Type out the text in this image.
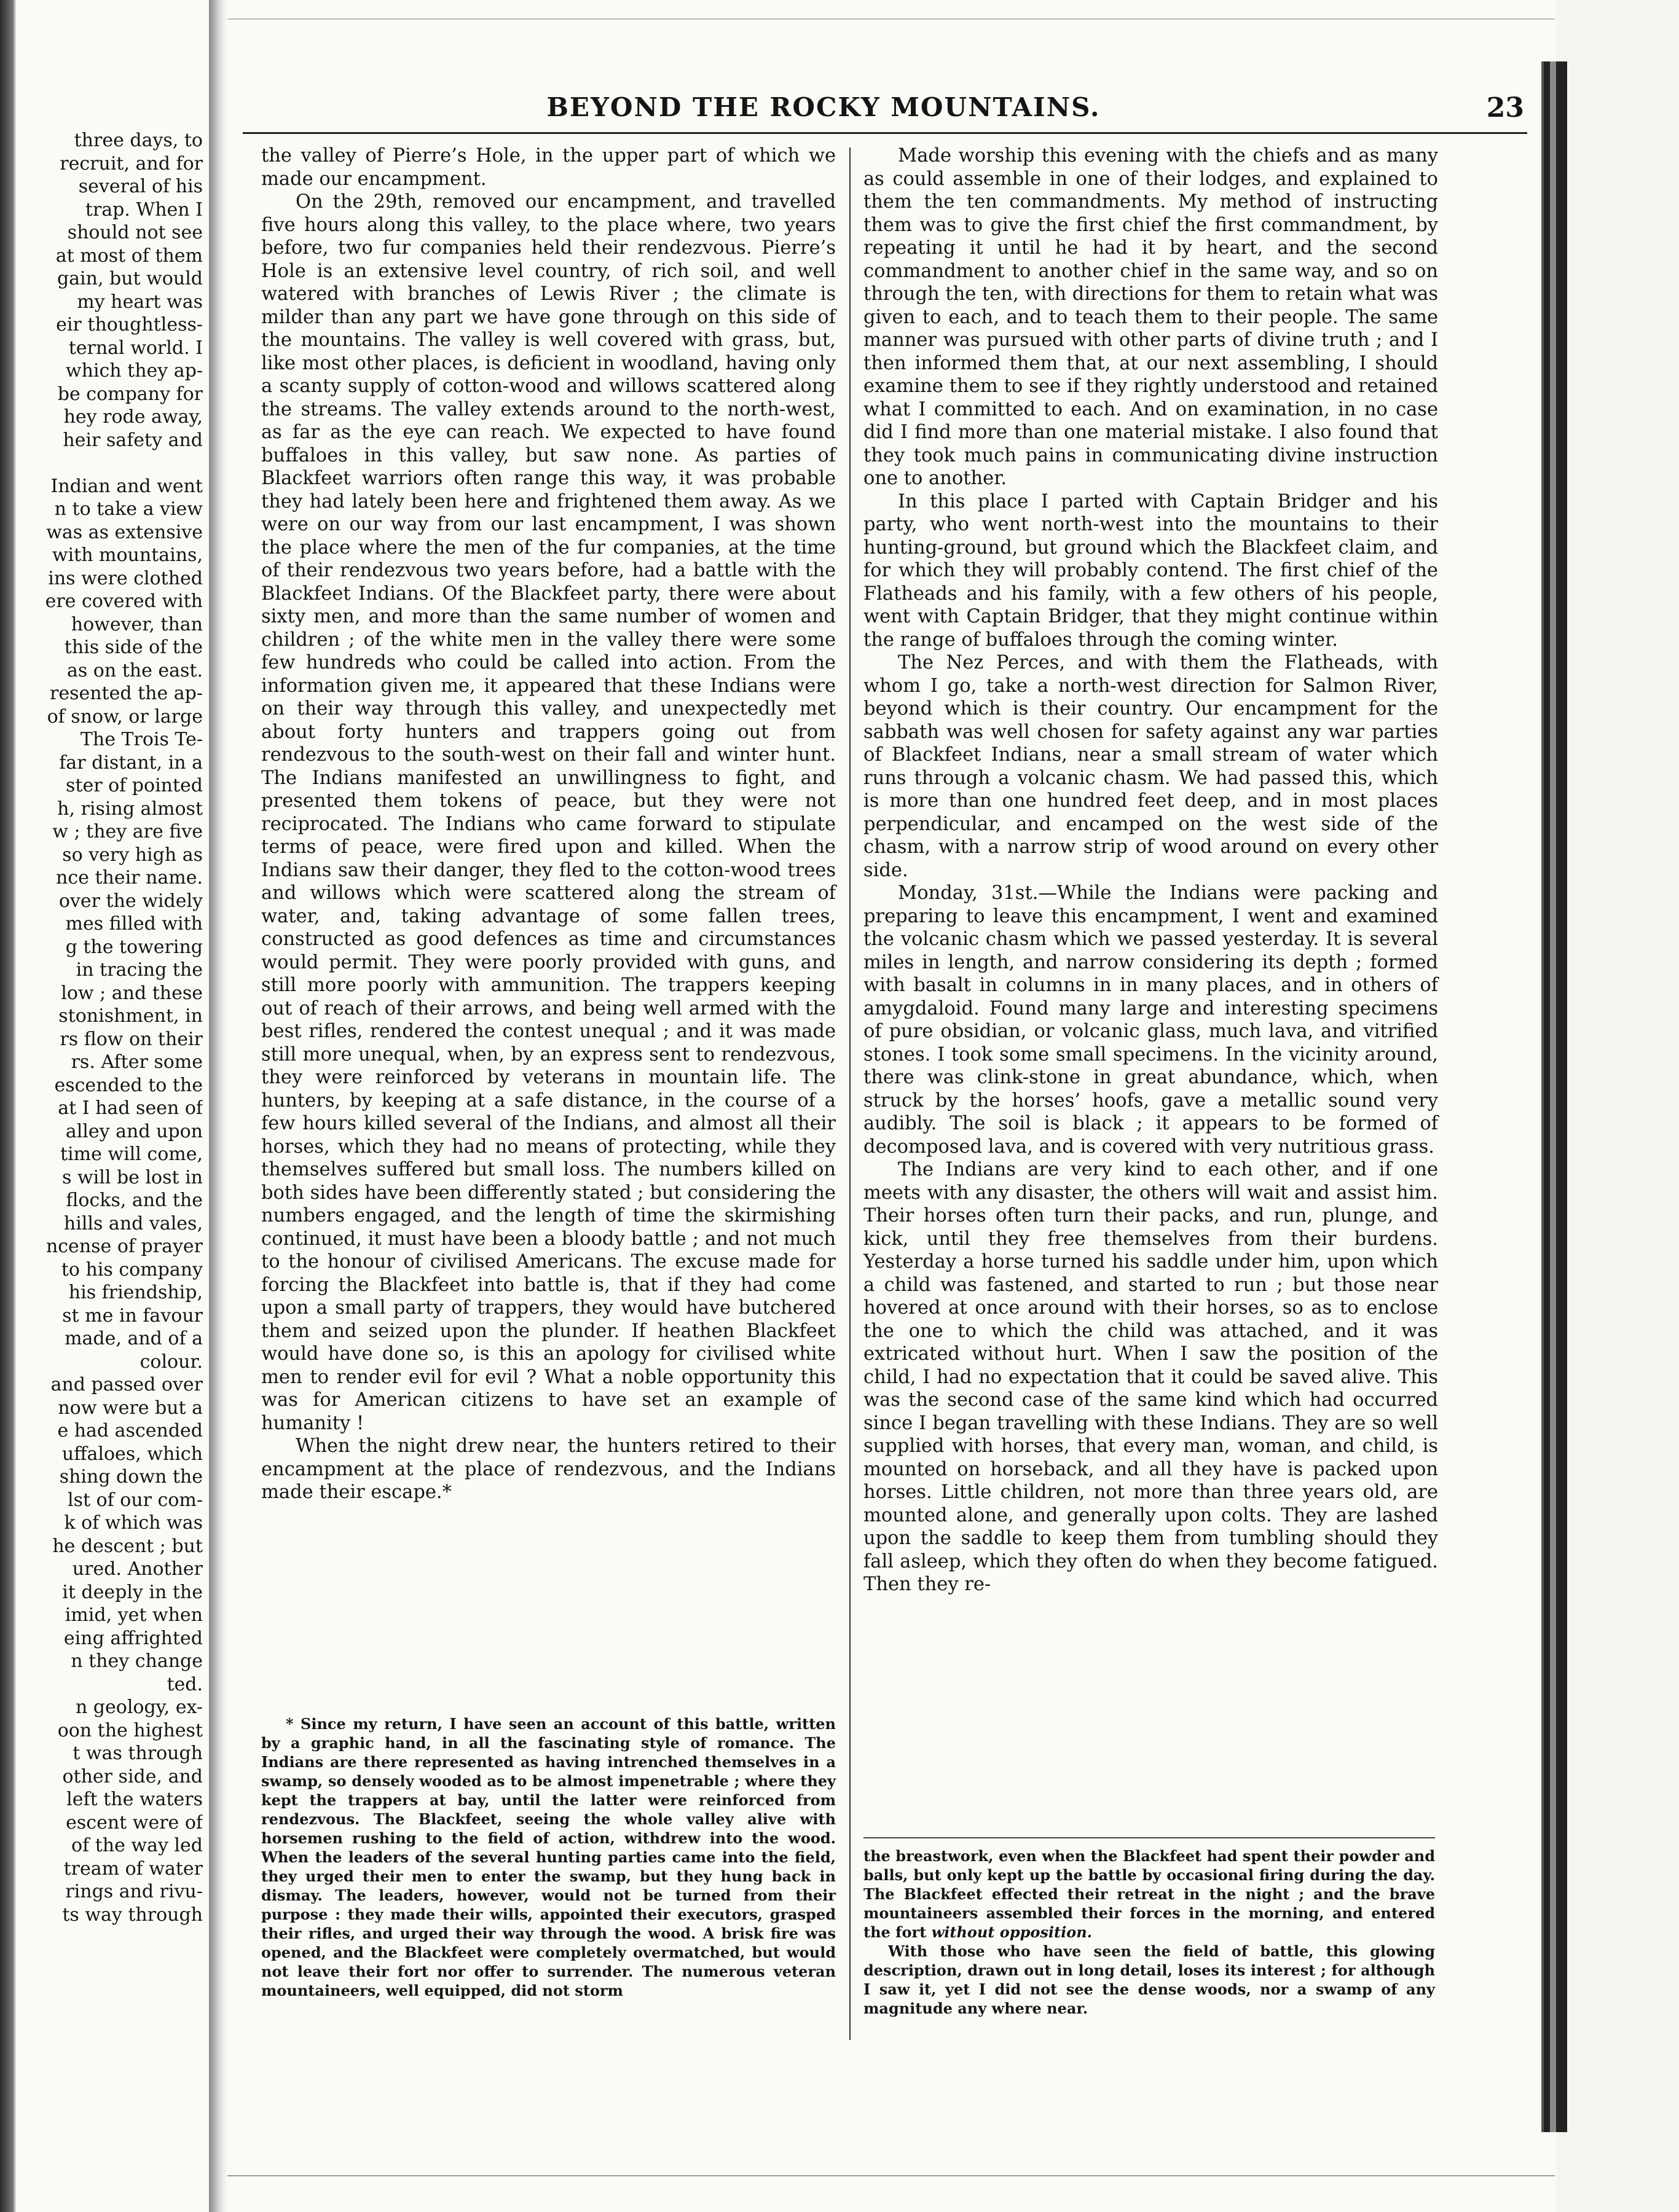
three days, to
recruit, and for
several of his
trap. When I
should not see
at most of them
gain, but would
my heart was
eir thoughtless-
ternal world. I
which they ap-
be company for
hey rode away,
heir safety and

Indian and went
n to take a view
was as extensive
with mountains,
ins were clothed
ere covered with
however, than
this side of the
as on the east.
resented the ap-
of snow, or large
The Trois Te-
far distant, in a
ster of pointed
h, rising almost
w ; they are five
so very high as
nce their name.
over the widely
mes filled with
g the towering
in tracing the
low ; and these
stonishment, in
rs flow on their
rs. After some
escended to the
at I had seen of
alley and upon
time will come,
s will be lost in
flocks, and the
hills and vales,
ncense of prayer
to his company
his friendship,
st me in favour
made, and of a
colour.
and passed over
now were but a
e had ascended
uffaloes, which
shing down the
lst of our com-
k of which was
he descent ; but
ured. Another
it deeply in the
imid, yet when
eing affrighted
n they change
ted.
n geology, ex-
oon the highest
t was through
other side, and
left the waters
escent were of
of the way led
tream of water
rings and rivu-
ts way through
BEYOND THE ROCKY MOUNTAINS.	23

the valley of Pierre’s Hole, in the upper part of which we made our encampment.

On the 29th, removed our encampment, and travelled five hours along this valley, to the place where, two years before, two fur companies held their rendezvous. Pierre’s Hole is an extensive level country, of rich soil, and well watered with branches of Lewis River ; the climate is milder than any part we have gone through on this side of the mountains. The valley is well covered with grass, but, like most other places, is deficient in woodland, having only a scanty supply of cotton-wood and willows scattered along the streams. The valley extends around to the north-west, as far as the eye can reach. We expected to have found buffaloes in this valley, but saw none. As parties of Blackfeet warriors often range this way, it was probable they had lately been here and frightened them away. As we were on our way from our last encampment, I was shown the place where the men of the fur companies, at the time of their rendezvous two years before, had a battle with the Blackfeet Indians. Of the Blackfeet party, there were about sixty men, and more than the same number of women and children ; of the white men in the valley there were some few hundreds who could be called into action. From the information given me, it appeared that these Indians were on their way through this valley, and unexpectedly met about forty hunters and trappers going out from rendezvous to the south-west on their fall and winter hunt. The Indians manifested an unwillingness to fight, and presented them tokens of peace, but they were not reciprocated. The Indians who came forward to stipulate terms of peace, were fired upon and killed. When the Indians saw their danger, they fled to the cotton-wood trees and willows which were scattered along the stream of water, and, taking advantage of some fallen trees, constructed as good defences as time and circumstances would permit. They were poorly provided with guns, and still more poorly with ammunition. The trappers keeping out of reach of their arrows, and being well armed with the best rifles, rendered the contest unequal ; and it was made still more unequal, when, by an express sent to rendezvous, they were reinforced by veterans in mountain life. The hunters, by keeping at a safe distance, in the course of a few hours killed several of the Indians, and almost all their horses, which they had no means of protecting, while they themselves suffered but small loss. The numbers killed on both sides have been differently stated ; but considering the numbers engaged, and the length of time the skirmishing continued, it must have been a bloody battle ; and not much to the honour of civilised Americans. The excuse made for forcing the Blackfeet into battle is, that if they had come upon a small party of trappers, they would have butchered them and seized upon the plunder. If heathen Blackfeet would have done so, is this an apology for civilised white men to render evil for evil ? What a noble opportunity this was for American citizens to have set an example of humanity !

When the night drew near, the hunters retired to their encampment at the place of rendezvous, and the Indians made their escape.*

Made worship this evening with the chiefs and as many as could assemble in one of their lodges, and explained to them the ten commandments. My method of instructing them was to give the first chief the first commandment, by repeating it until he had it by heart, and the second commandment to another chief in the same way, and so on through the ten, with directions for them to retain what was given to each, and to teach them to their people. The same manner was pursued with other parts of divine truth ; and I then informed them that, at our next assembling, I should examine them to see if they rightly understood and retained what I committed to each. And on examination, in no case did I find more than one material mistake. I also found that they took much pains in communicating divine instruction one to another.

In this place I parted with Captain Bridger and his party, who went north-west into the mountains to their hunting-ground, but ground which the Blackfeet claim, and for which they will probably contend. The first chief of the Flatheads and his family, with a few others of his people, went with Captain Bridger, that they might continue within the range of buffaloes through the coming winter.

The Nez Perces, and with them the Flatheads, with whom I go, take a north-west direction for Salmon River, beyond which is their country. Our encampment for the sabbath was well chosen for safety against any war parties of Blackfeet Indians, near a small stream of water which runs through a volcanic chasm. We had passed this, which is more than one hundred feet deep, and in most places perpendicular, and encamped on the west side of the chasm, with a narrow strip of wood around on every other side.

Monday, 31st.—While the Indians were packing and preparing to leave this encampment, I went and examined the volcanic chasm which we passed yesterday. It is several miles in length, and narrow considering its depth ; formed with basalt in columns in in many places, and in others of amygdaloid. Found many large and interesting specimens of pure obsidian, or volcanic glass, much lava, and vitrified stones. I took some small specimens. In the vicinity around, there was clink-stone in great abundance, which, when struck by the horses’ hoofs, gave a metallic sound very audibly. The soil is black ; it appears to be formed of decomposed lava, and is covered with very nutritious grass.

The Indians are very kind to each other, and if one meets with any disaster, the others will wait and assist him. Their horses often turn their packs, and run, plunge, and kick, until they free themselves from their burdens. Yesterday a horse turned his saddle under him, upon which a child was fastened, and started to run ; but those near hovered at once around with their horses, so as to enclose the one to which the child was attached, and it was extricated without hurt. When I saw the position of the child, I had no expectation that it could be saved alive. This was the second case of the same kind which had occurred since I began travelling with these Indians. They are so well supplied with horses, that every man, woman, and child, is mounted on horseback, and all they have is packed upon horses. Little children, not more than three years old, are mounted alone, and generally upon colts. They are lashed upon the saddle to keep them from tumbling should they fall asleep, which they often do when they become fatigued. Then they re-

* Since my return, I have seen an account of this battle, written by a graphic hand, in all the fascinating style of romance. The Indians are there represented as having intrenched themselves in a swamp, so densely wooded as to be almost impenetrable ; where they kept the trappers at bay, until the latter were reinforced from rendezvous. The Blackfeet, seeing the whole valley alive with horsemen rushing to the field of action, withdrew into the wood. When the leaders of the several hunting parties came into the field, they urged their men to enter the swamp, but they hung back in dismay. The leaders, however, would not be turned from their purpose : they made their wills, appointed their executors, grasped their rifles, and urged their way through the wood. A brisk fire was opened, and the Blackfeet were completely overmatched, but would not leave their fort nor offer to surrender. The numerous veteran mountaineers, well equipped, did not storm

the breastwork, even when the Blackfeet had spent their powder and balls, but only kept up the battle by occasional firing during the day. The Blackfeet effected their retreat in the night ; and the brave mountaineers assembled their forces in the morning, and entered the fort without opposition.

With those who have seen the field of battle, this glowing description, drawn out in long detail, loses its interest ; for although I saw it, yet I did not see the dense woods, nor a swamp of any magnitude any where near.
